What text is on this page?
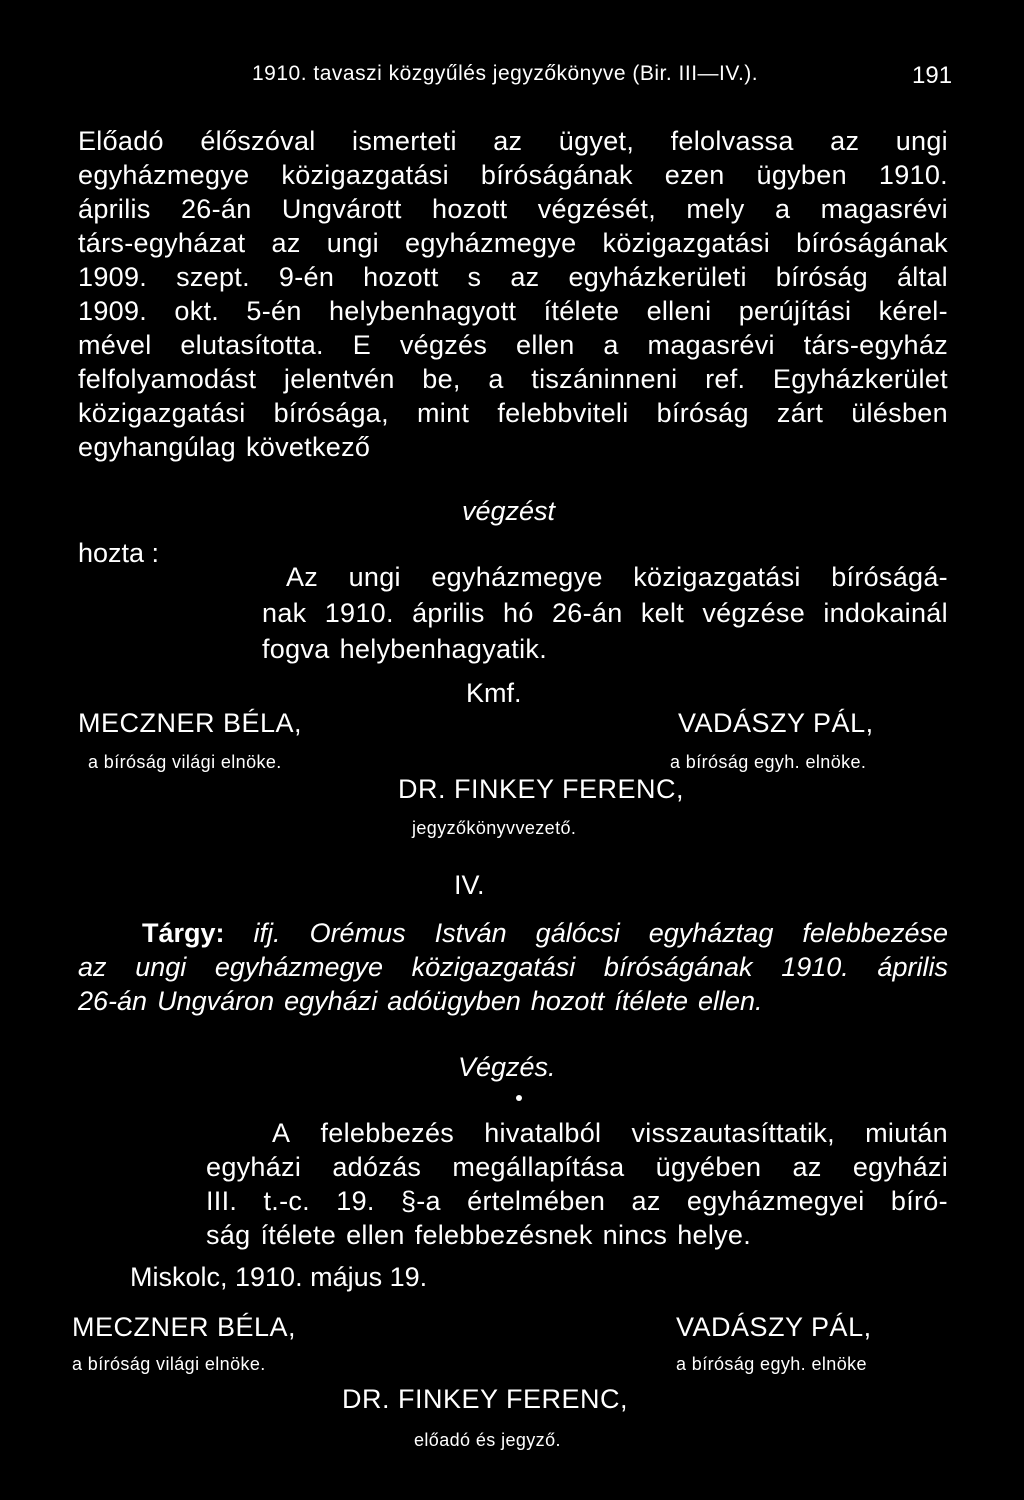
1910. tavaszi közgyűlés jegyzőkönyve (Bir. III—IV.).	191
Előadó élőszóval ismerteti az ügyet, felolvassa az ungi
egyházmegye közigazgatási bíróságának ezen ügyben 1910.
április 26-án Ungvárott hozott végzését, mely a magasrévi
társ-egyházat az ungi egyházmegye közigazgatási bíróságának
1909. szept. 9-én hozott s az egyházkerületi bíróság által
1909. okt. 5-én helybenhagyott ítélete elleni perújítási kérel-
mével elutasította. E végzés ellen a magasrévi társ-egyház
felfolyamodást jelentvén be, a tiszáninneni ref. Egyházkerület
közigazgatási bírósága, mint felebbviteli bíróság zárt ülésben
egyhangúlag következő
végzést
hozta :
Az ungi egyházmegye közigazgatási bíróságá-
nak 1910. április hó 26-án kelt végzése indokainál
fogva helybenhagyatik.
Kmf.
MECZNER BÉLA,
a bíróság világi elnöke.
VADÁSZY PÁL,
a bíróság egyh. elnöke.
DR. FINKEY FERENC,
jegyzőkönyvvezető.
IV.
Tárgy: ifj. Orémus István gálócsi egyháztag felebbezése
az ungi egyházmegye közigazgatási bíróságának 1910. április
26-án Ungváron egyházi adóügyben hozott ítélete ellen.
Végzés.
A felebbezés hivatalból visszautasíttatik, miután
egyházi adózás megállapítása ügyében az egyházi
III. t.-c. 19. §-a értelmében az egyházmegyei bíró-
ság ítélete ellen felebbezésnek nincs helye.
Miskolc, 1910. május 19.
MECZNER BÉLA,
a bíróság világi elnöke.
VADÁSZY PÁL,
a bíróság egyh. elnöke
DR. FINKEY FERENC,
előadó és jegyző.
